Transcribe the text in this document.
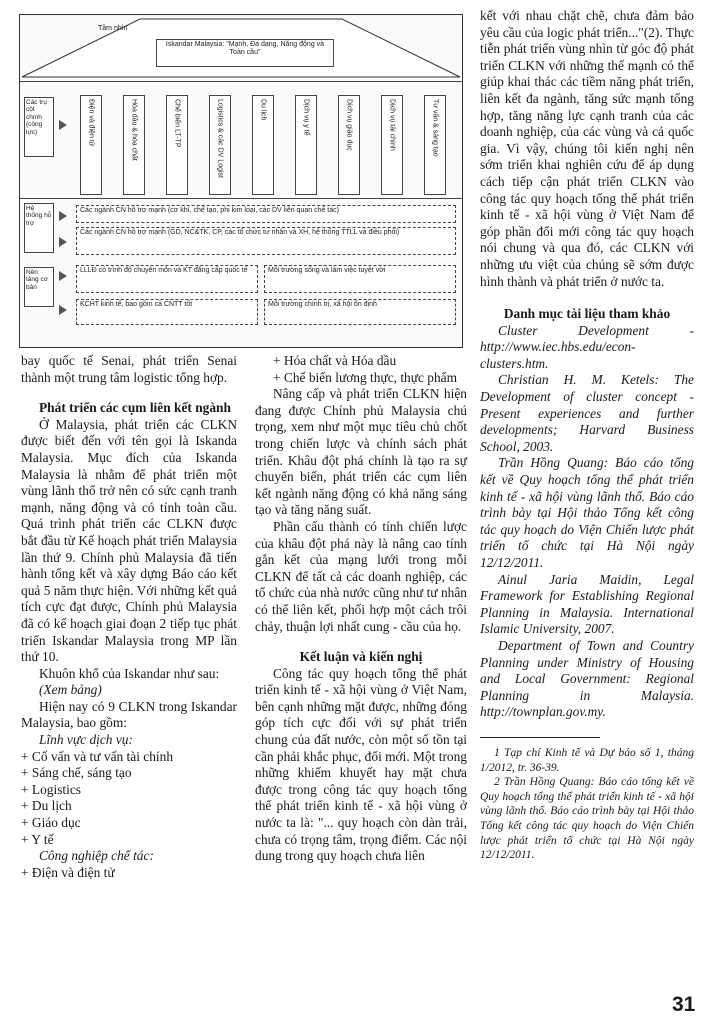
Tầm nhìn
Iskandar Malaysia: "Mạnh, Đa dạng, Năng động và Toàn cầu"
Các trụ cột chính (công lực)	Điện và điện tử	Hóa dầu & hóa chất	Chế biến LT-TP	Logistics & các DV Logist	Du lịch	Dịch vụ y tế	Dịch vụ giáo dục	Dịch vụ tài chính	Tư vấn & sáng tạo
Hệ thống hỗ trợ
Các ngành CN hỗ trợ mạnh (cơ khí, chế tạo, phi kim loại, các DV liên quan chế tác)
Các ngành CN hỗ trợ mạnh (GD, NC&TK, CP, các tổ chức tư nhân và XH, hệ thống TTLL và điều phối)
Nền tảng cơ bản
LLLĐ có trình độ chuyên môn và KT đẳng cấp quốc tế	Môi trường sống và làm việc tuyệt vời
KCHT kinh tế, bao gồm cả CNTT tốt	Môi trường chính trị, xã hội ổn định

bay quốc tế Senai, phát triển Senai thành một trung tâm logistic tổng hợp.

Phát triển các cụm liên kết ngành

Ở Malaysia, phát triển các CLKN được biết đến với tên gọi là Iskanda Malaysia. Mục đích của Iskanda Malaysia là nhằm để phát triển một vùng lãnh thổ trở nên có sức cạnh tranh mạnh, năng động và có tính toàn cầu. Quá trình phát triển các CLKN được bắt đầu từ Kế hoạch phát triển Malaysia lần thứ 9. Chính phủ Malaysia đã tiến hành tổng kết và xây dựng Báo cáo kết quả 5 năm thực hiện. Với những kết quả tích cực đạt được, Chính phủ Malaysia đã có kế hoạch giai đoạn 2 tiếp tục phát triển Iskandar Malaysia trong MP lần thứ 10.

Khuôn khổ của Iskandar như sau:

(Xem bảng)

Hiện nay có 9 CLKN trong Iskandar Malaysia, bao gồm:

Lĩnh vực dịch vụ:

+ Cố vấn và tư vấn tài chính

+ Sáng chế, sáng tạo

+ Logistics

+ Du lịch

+ Giáo dục

+ Y tế

Công nghiệp chế tác:

+ Điện và điện tử

+ Hóa chất và Hóa dầu

+ Chế biến lương thực, thực phẩm

Nâng cấp và phát triển CLKN hiện đang được Chính phủ Malaysia chú trọng, xem như một mục tiêu chủ chốt trong chiến lược và chính sách phát triển. Khâu đột phá chính là tạo ra sự chuyển biến, phát triển các cụm liên kết ngành năng động có khả năng sáng tạo và tăng năng suất.

Phần cấu thành có tính chiến lược của khâu đột phá này là nâng cao tính gắn kết của mạng lưới trong mỗi CLKN để tất cả các doanh nghiệp, các tổ chức của nhà nước cũng như tư nhân có thể liên kết, phối hợp một cách trôi chảy, thuận lợi nhất cung - cầu của họ.

Kết luận và kiến nghị

Công tác quy hoạch tổng thể phát triển kinh tế - xã hội vùng ở Việt Nam, bên cạnh những mặt được, những đóng góp tích cực đối với sự phát triển chung của đất nước, còn một số tồn tại cần phải khắc phục, đổi mới. Một trong những khiếm khuyết hay mặt chưa được trong công tác quy hoạch tổng thể phát triển kinh tế - xã hội vùng ở nước ta là: "... quy hoạch còn dàn trải, chưa có trọng tâm, trọng điểm. Các nội dung trong quy hoạch chưa liên

kết với nhau chặt chẽ, chưa đảm bảo yêu cầu của logic phát triển..."(2). Thực tiễn phát triển vùng nhìn từ góc độ phát triển CLKN với những thế mạnh có thể giúp khai thác các tiềm năng phát triển, liên kết đa ngành, tăng sức mạnh tổng hợp, tăng năng lực cạnh tranh của các doanh nghiệp, của các vùng và cả quốc gia. Vì vậy, chúng tôi kiến nghị nên sớm triển khai nghiên cứu để áp dụng cách tiếp cận phát triển CLKN vào công tác quy hoạch tổng thể phát triển kinh tế - xã hội vùng ở Việt Nam để góp phần đổi mới công tác quy hoạch nói chung và qua đó, các CLKN với những ưu việt của chúng sẽ sớm được hình thành và phát triển ở nước ta.

Danh mục tài liệu tham khảo

Cluster Development - http://www.iec.hbs.edu/econ-clusters.htm.

Christian H. M. Ketels: The Development of cluster concept - Present experiences and further developments; Harvard Business School, 2003.

Trần Hồng Quang: Báo cáo tổng kết về Quy hoạch tổng thể phát triển kinh tế - xã hội vùng lãnh thổ. Báo cáo trình bày tại Hội thảo Tổng kết công tác quy hoạch do Viện Chiến lược phát triển tổ chức tại Hà Nội ngày 12/12/2011.

Ainul Jaria Maidin, Legal Framework for Establishing Regional Planning in Malaysia. International Islamic University, 2007.

Department of Town and Country Planning under Ministry of Housing and Local Government: Regional Planning in Malaysia. http://townplan.gov.my.

1 Tạp chí Kinh tế và Dự báo số 1, tháng 1/2012, tr. 36-39.

2 Trần Hồng Quang: Báo cáo tổng kết về Quy hoạch tổng thể phát triển kinh tế - xã hội vùng lãnh thổ. Báo cáo trình bày tại Hội thảo Tổng kết công tác quy hoạch do Viện Chiến lược phát triển tổ chức tại Hà Nội ngày 12/12/2011.

31
